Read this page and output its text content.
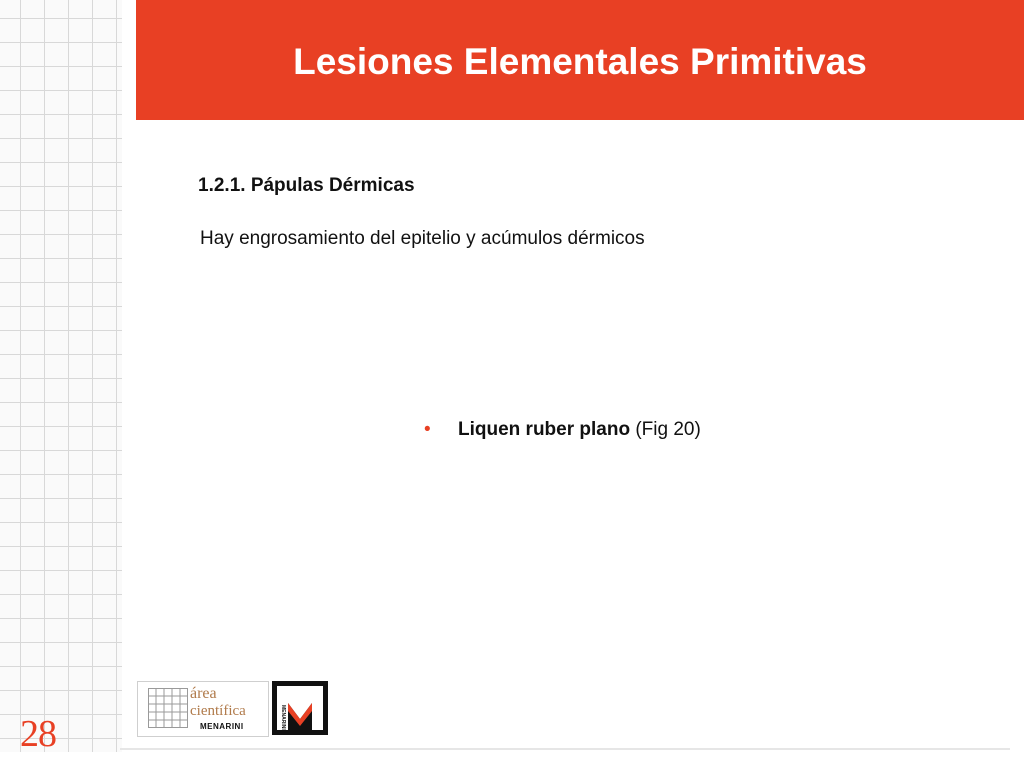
Lesiones Elementales Primitivas
1.2.1. Pápulas Dérmicas
Hay engrosamiento del epitelio y acúmulos dérmicos
• Liquen ruber plano (Fig 20)
área
científica
MENARINI	MENARINI
28
